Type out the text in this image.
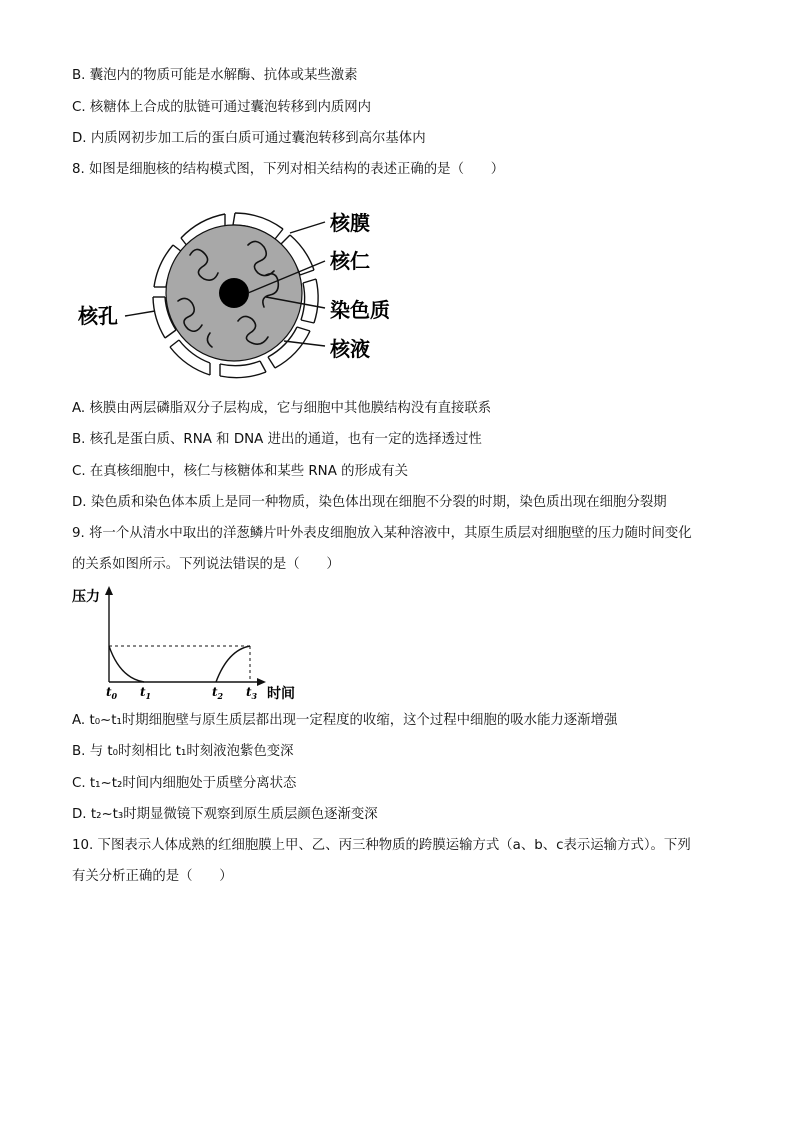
B. 囊泡内的物质可能是水解酶、抗体或某些激素
C. 核糖体上合成的肽链可通过囊泡转移到内质网内
D. 内质网初步加工后的蛋白质可通过囊泡转移到高尔基体内
8. 如图是细胞核的结构模式图，下列对相关结构的表述正确的是（　　）
核膜
核仁
染色质
核液
核孔
A. 核膜由两层磷脂双分子层构成，它与细胞中其他膜结构没有直接联系
B. 核孔是蛋白质、RNA 和 DNA 进出的通道，也有一定的选择透过性
C. 在真核细胞中，核仁与核糖体和某些 RNA 的形成有关
D. 染色质和染色体本质上是同一种物质，染色体出现在细胞不分裂的时期，染色质出现在细胞分裂期
9. 将一个从清水中取出的洋葱鳞片叶外表皮细胞放入某种溶液中，其原生质层对细胞壁的压力随时间变化
的关系如图所示。下列说法错误的是（　　）
压力
$t_0$ $t_1$	$t_2$ $t_3$ 时间
A. t₀~t₁时期细胞壁与原生质层都出现一定程度的收缩，这个过程中细胞的吸水能力逐渐增强
B. 与 t₀时刻相比 t₁时刻液泡紫色变深
C. t₁~t₂时间内细胞处于质壁分离状态
D. t₂~t₃时期显微镜下观察到原生质层颜色逐渐变深
10. 下图表示人体成熟的红细胞膜上甲、乙、丙三种物质的跨膜运输方式（a、b、c表示运输方式）。下列
有关分析正确的是（　　）
